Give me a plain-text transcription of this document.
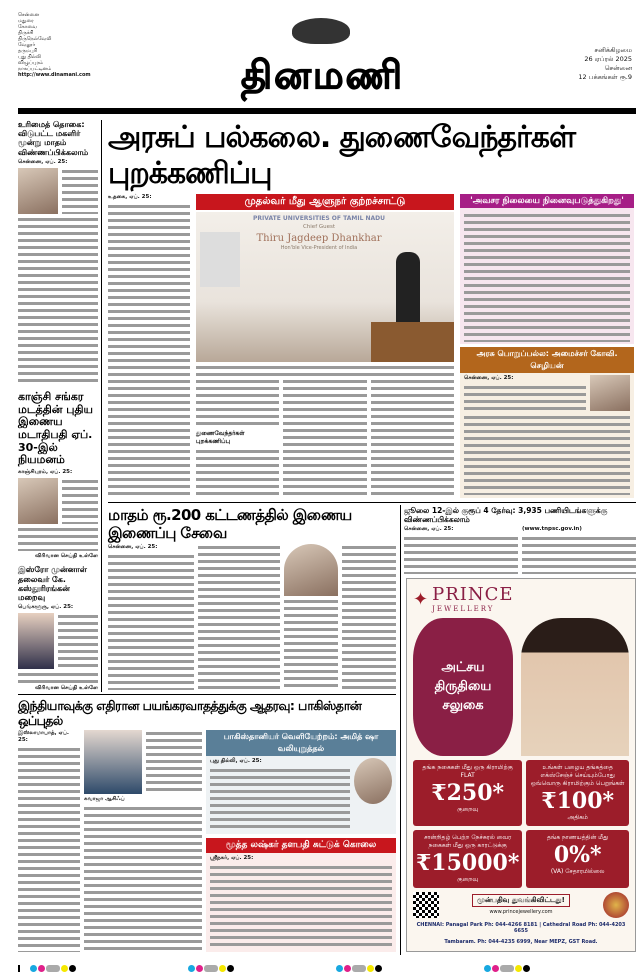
சென்னை
மதுரை
கோவை
திருச்சி
திருநெல்வேலி
வேலூர்
தருமபுரி
புது தில்லி
விழுப்புரம்
நாகப்பட்டினம்
http://www.dinamani.com	தினமணி
சனிக்கிழமை
26 ஏப்ரல் 2025
சென்னை
12 பக்கங்கள் ரூ.9
உரிமைத் தொகை: விடுபட்ட மகளிர் மூன்று மாதம் விண்ணப்பிக்கலாம்
சென்னை, ஏப். 25:
காஞ்சி சங்கர மடத்தின் புதிய இணைய மடாதிபதி ஏப். 30-இல் நியமனம்
காஞ்சிபுரம், ஏப். 25:
விரிவான செய்தி உள்ளே
இஸ்ரோ முன்னாள் தலைவர் கே. கஸ்தூரிரங்கன் மறைவு
பெங்களூரு, ஏப். 25:
விரிவான செய்தி உள்ளே
அரசுப் பல்கலை. துணைவேந்தர்கள் புறக்கணிப்பு
உதகை, ஏப். 25:	முதல்வர் மீது ஆளுநர் குற்றச்சாட்டு
PRIVATE UNIVERSITIES OF TAMIL NADU
Chief Guest
Thiru Jagdeep Dhankhar
Hon'ble Vice-President of India
துணைவேந்தர்கள் புறக்கணிப்பு
'அவசர நிலையை நினைவுபடுத்துகிறது'
அரசு பொறுப்பல்ல: அமைச்சர் கோவி. செழியன்
சென்னை, ஏப். 25:
மாதம் ரூ.200 கட்டணத்தில் இணைய இணைப்பு சேவை
சென்னை, ஏப். 25:
ஜூலை 12-இல் குரூப் 4 தேர்வு: 3,935 பணியிடங்களுக்கு விண்ணப்பிக்கலாம்
சென்னை, ஏப். 25:	(www.tnpsc.gov.in)
✦ PRINCE
JEWELLERY
அட்சய
திருதியை
சலுகை
தங்க நகைகள் மீது ஒரு கிராமிற்கு FLAT
₹250*
குறைவு
உங்கள் பழைய தங்கத்தை எக்ஸ்சேஞ்ச் செய்யும்போது ஒவ்வொரு கிராமிற்கும் பெறுங்கள்
₹100*
அதிகம்
சான்றிதழ் பெற்ற நேச்சுரல் வைர நகைகள் மீது ஒரு காரட்டுக்கு
₹15000*
குறைவு
தங்க நாணயத்தின் மீது
0%*
(VA) சேதாரமில்லை
முன்பதிவு துவங்கிவிட்டது!
www.princejewellery.com
CHENNAI: Panagal Park Ph: 044-4266 8181 | Cathedral Road Ph: 044-4203 6655
Tambaram. Ph: 044-4235 6999, Near MEPZ, GST Road.
இந்தியாவுக்கு எதிரான பயங்கரவாதத்துக்கு ஆதரவு: பாகிஸ்தான் ஒப்புதல்
இஸ்லாமாபாத், ஏப். 25:
கவாஜா ஆசிஃப்
பாகிஸ்தானியர் வெளியேற்றம்: அமித் ஷா வலியுறுத்தல்
புது தில்லி, ஏப். 25:
மூத்த லஷ்கர் தளபதி சுட்டுக் கொலை
ஸ்ரீநகர், ஏப். 25:
